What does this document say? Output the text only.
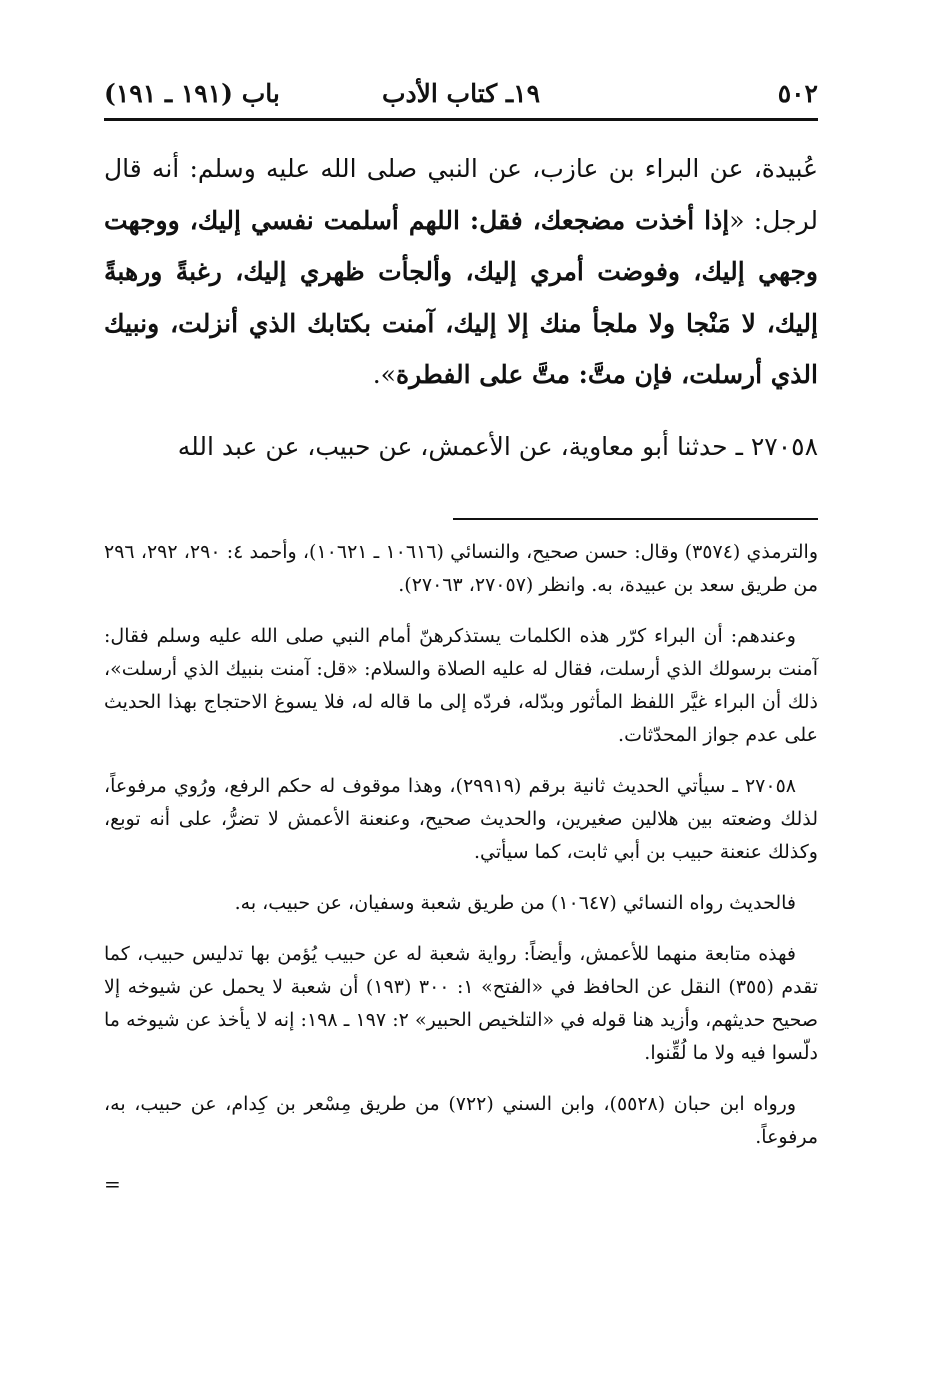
٥٠٢
١٩ـ كتاب الأدب
باب (١٩١ ـ ١٩١)

عُبيدة، عن البراء بن عازب، عن النبي صلى الله عليه وسلم: أنه قال لرجل: «إذا أخذت مضجعك، فقل: اللهم أسلمت نفسي إليك، ووجهت وجهي إليك، وفوضت أمري إليك، وألجأت ظهري إليك، رغبةً ورهبةً إليك، لا مَنْجا ولا ملجأ منك إلا إليك، آمنت بكتابك الذي أنزلت، ونبيك الذي أرسلت، فإن متَّ: متَّ على الفطرة».

٢٧٠٥٨ ـ حدثنا أبو معاوية، عن الأعمش، عن حبيب، عن عبد الله

والترمذي (٣٥٧٤) وقال: حسن صحيح، والنسائي (١٠٦١٦ ـ ١٠٦٢١)، وأحمد ٤: ٢٩٠، ٢٩٢، ٢٩٦ من طريق سعد بن عبيدة، به. وانظر (٢٧٠٥٧، ٢٧٠٦٣).

وعندهم: أن البراء كرّر هذه الكلمات يستذكرهنّ أمام النبي صلى الله عليه وسلم فقال: آمنت برسولك الذي أرسلت، فقال له عليه الصلاة والسلام: «قل: آمنت بنبيك الذي أرسلت»، ذلك أن البراء غيَّر اللفظ المأثور وبدّله، فردّه إلى ما قاله له، فلا يسوغ الاحتجاج بهذا الحديث على عدم جواز المحدّثات.

٢٧٠٥٨ ـ سيأتي الحديث ثانية برقم (٢٩٩١٩)، وهذا موقوف له حكم الرفع، ورُوي مرفوعاً، لذلك وضعته بين هلالين صغيرين، والحديث صحيح، وعنعنة الأعمش لا تضرُّ، على أنه توبع، وكذلك عنعنة حبيب بن أبي ثابت، كما سيأتي.

فالحديث رواه النسائي (١٠٦٤٧) من طريق شعبة وسفيان، عن حبيب، به.

فهذه متابعة منهما للأعمش، وأيضاً: رواية شعبة له عن حبيب يُؤمن بها تدليس حبيب، كما تقدم (٣٥٥) النقل عن الحافظ في «الفتح» ١: ٣٠٠ (١٩٣) أن شعبة لا يحمل عن شيوخه إلا صحيح حديثهم، وأزيد هنا قوله في «التلخيص الحبير» ٢: ١٩٧ ـ ١٩٨: إنه لا يأخذ عن شيوخه ما دلّسوا فيه ولا ما لُقِّنوا.

ورواه ابن حبان (٥٥٢٨)، وابن السني (٧٢٢) من طريق مِسْعر بن كِدام، عن حبيب، به، مرفوعاً.

=
